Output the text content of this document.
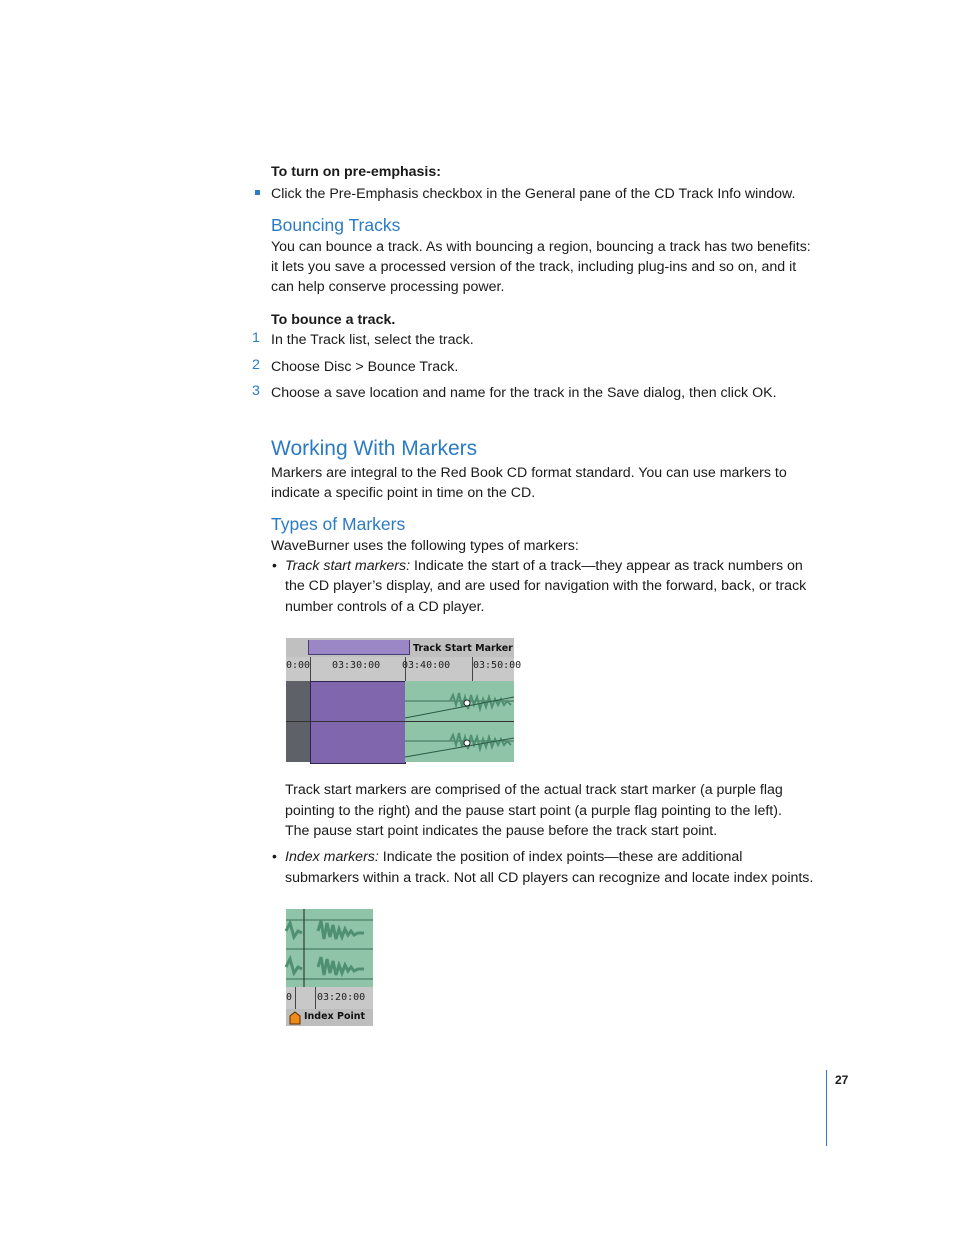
To turn on pre-emphasis:
Click the Pre-Emphasis checkbox in the General pane of the CD Track Info window.
Bouncing Tracks
You can bounce a track. As with bouncing a region, bouncing a track has two benefits:
it lets you save a processed version of the track, including plug-ins and so on, and it
can help conserve processing power.
To bounce a track.
1 In the Track list, select the track.
2 Choose Disc > Bounce Track.
3 Choose a save location and name for the track in the Save dialog, then click OK.
Working With Markers
Markers are integral to the Red Book CD format standard. You can use markers to
indicate a specific point in time on the CD.
Types of Markers
WaveBurner uses the following types of markers:
• Track start markers: Indicate the start of a track—they appear as track numbers on
the CD player’s display, and are used for navigation with the forward, back, or track
number controls of a CD player.
Track Start Marker
0:00 03:30:00 03:40:00 03:50:00
Track start markers are comprised of the actual track start marker (a purple flag
pointing to the right) and the pause start point (a purple flag pointing to the left).
The pause start point indicates the pause before the track start point.
• Index markers: Indicate the position of index points—these are additional
submarkers within a track. Not all CD players can recognize and locate index points.
0 03:20:00
Index Point
27
